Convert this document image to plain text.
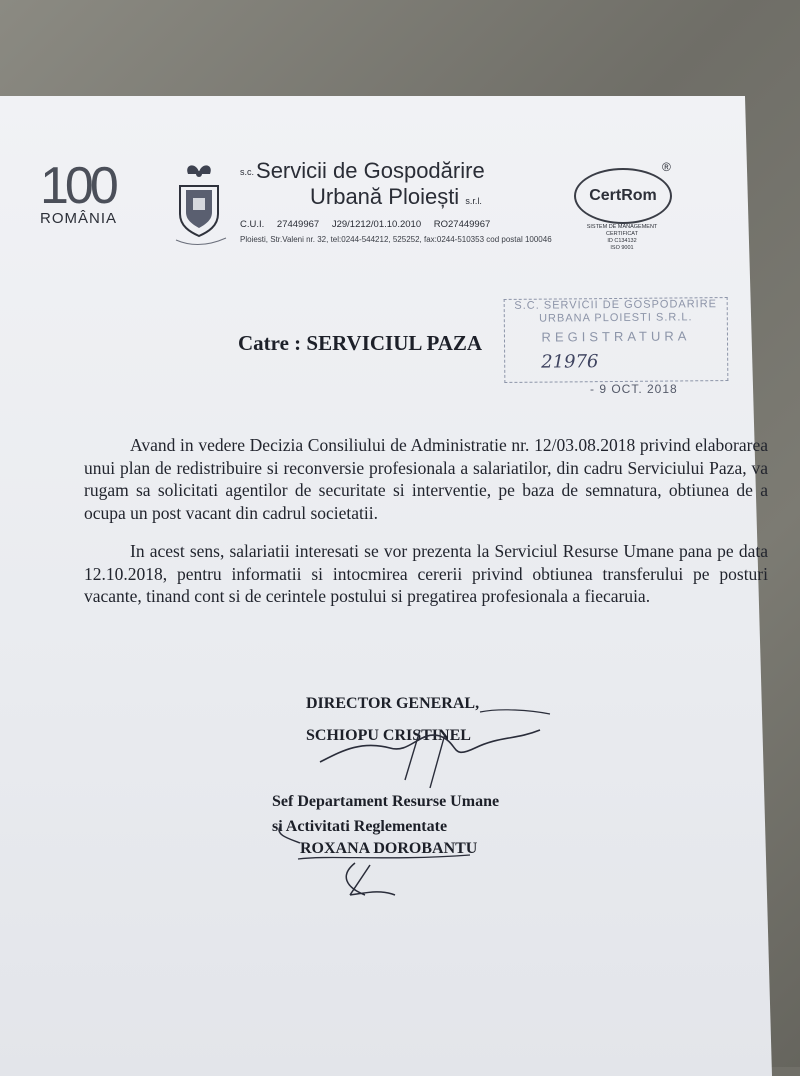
100
ROMÂNIA

s.c.Servicii de Gospodărire
Urbană Ploiești s.r.l.
C.U.I. 27449967 J29/1212/01.10.2010 RO27449967
Ploiesti, Str.Valeni nr. 32, tel:0244-544212, 525252, fax:0244-510353 cod postal 100046
CertRom
®
SISTEM DE MANAGEMENT CERTIFICAT
ID C134132
ISO 9001
Catre : SERVICIUL PAZA
S.C. SERVICII DE GOSPODARIRE
URBANA PLOIESTI S.R.L.
REGISTRATURA
21976
- 9 OCT. 2018
Avand in vedere Decizia Consiliului de Administratie nr. 12/03.08.2018 privind elaborarea unui plan de redistribuire si reconversie profesionala a salariatilor, din cadru Serviciului Paza, va rugam sa solicitati agentilor de securitate si interventie, pe baza de semnatura, obtiunea de a ocupa un post vacant din cadrul societatii.
In acest sens, salariatii interesati se vor prezenta la Serviciul Resurse Umane pana pe data 12.10.2018, pentru informatii si intocmirea cererii privind obtiunea transferului pe posturi vacante, tinand cont si de cerintele postului si pregatirea profesionala a fiecaruia.
DIRECTOR GENERAL,
SCHIOPU CRISTINEL
Sef Departament Resurse Umane
si Activitati Reglementate
ROXANA DOROBANTU
